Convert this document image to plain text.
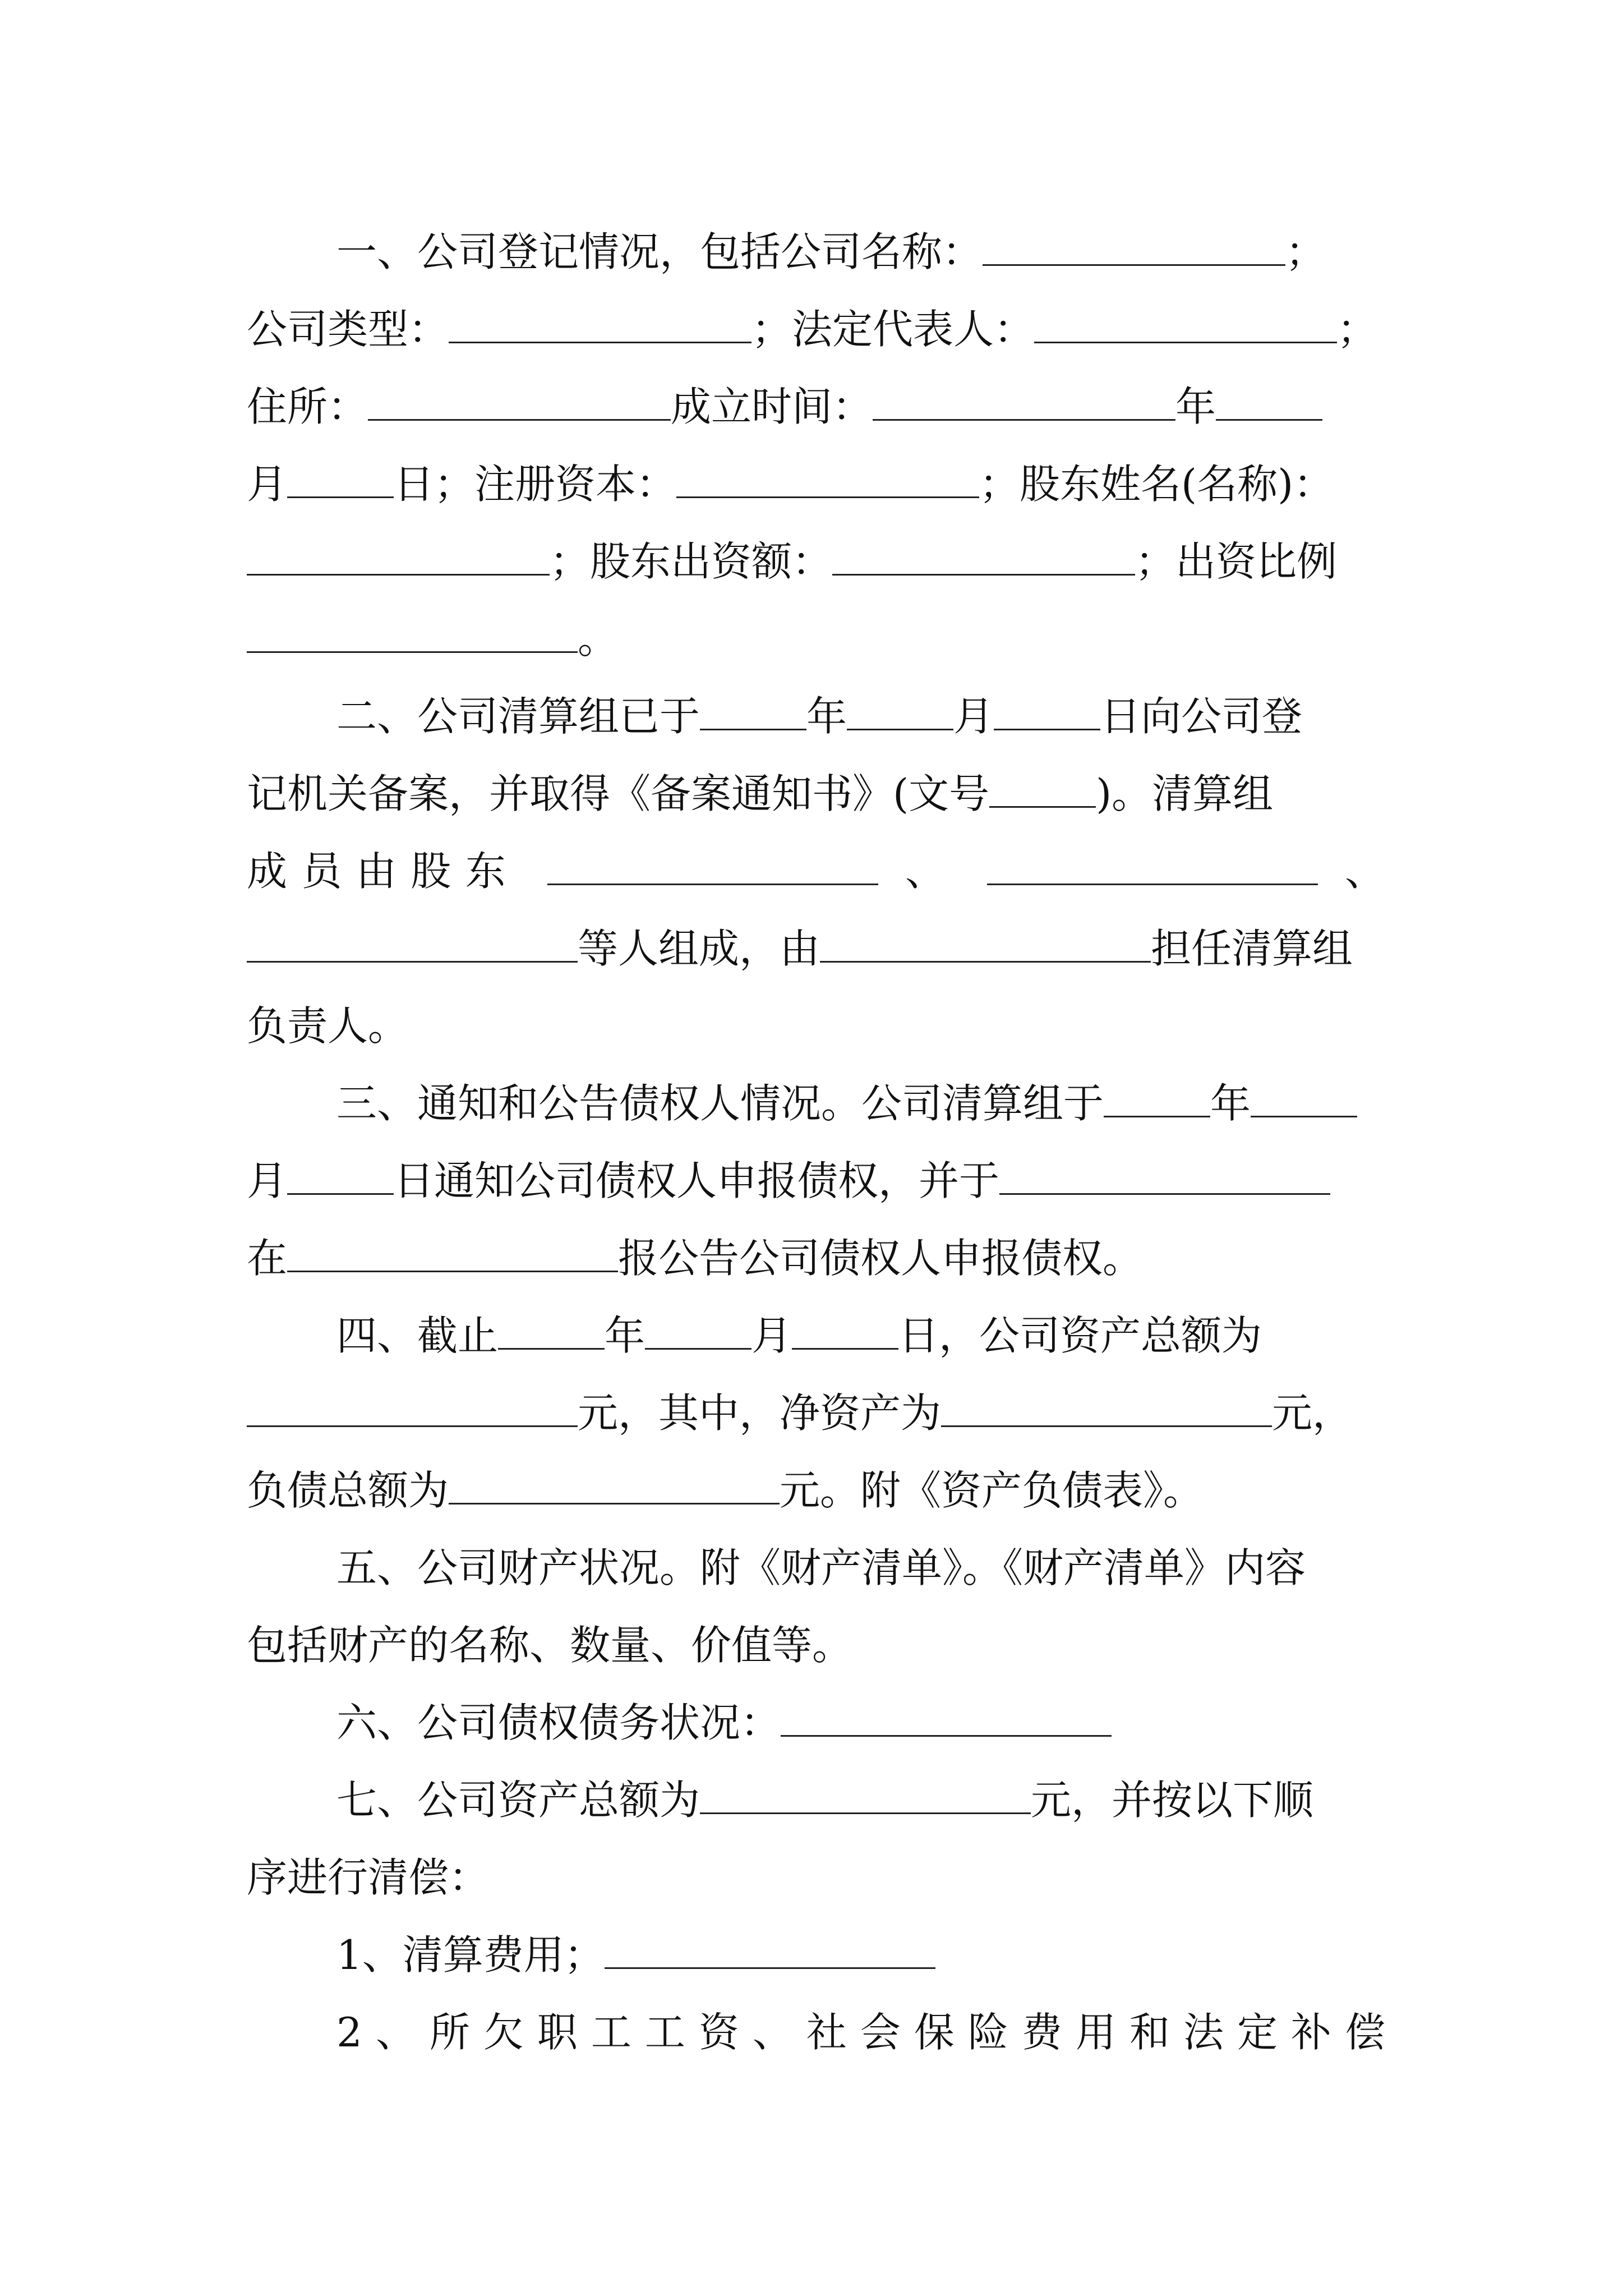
一、公司登记情况，包括公司名称：	；
公司类型：	；法定代表人：	；
住所：	成立时间：	年
月	日；注册资本：	；股东姓名(名称)：
；股东出资额：	；出资比例
。
二、公司清算组已于	年	月	日向公司登
记机关备案，并取得《备案通知书》(文号	)。清算组
成员由股东	、	、
等人组成，由	担任清算组
负责人。
三、通知和公告债权人情况。公司清算组于	年
月	日通知公司债权人申报债权，并于
在	报公告公司债权人申报债权。
四、截止	年	月	日，公司资产总额为
元，其中，净资产为	元，
负债总额为	元。附《资产负债表》。
五、公司财产状况。附《财产清单》。《财产清单》内容
包括财产的名称、数量、价值等。
六、公司债权债务状况：
七、公司资产总额为	元，并按以下顺
序进行清偿：
1、清算费用；
2、所欠职工工资、社会保险费用和法定补偿
